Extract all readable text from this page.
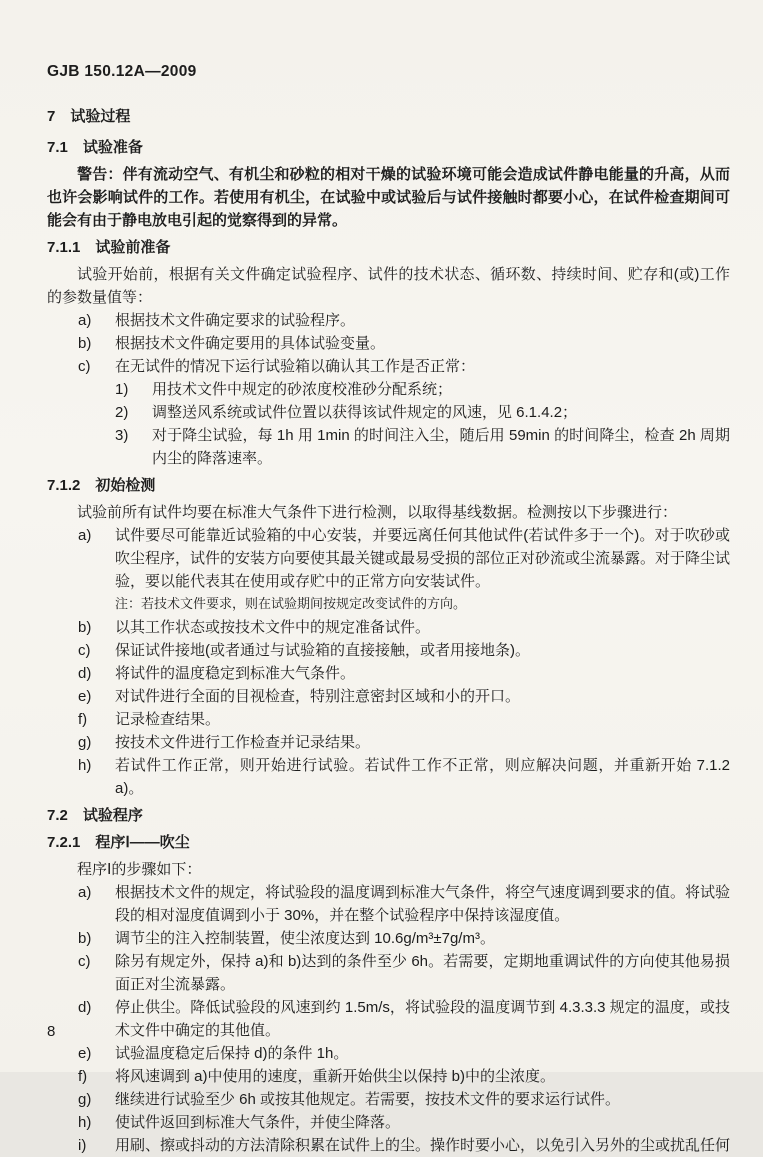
GJB 150.12A—2009
7 试验过程
7.1 试验准备

警告：伴有流动空气、有机尘和砂粒的相对干燥的试验环境可能会造成试件静电能量的升高，从而也许会影响试件的工作。若使用有机尘，在试验中或试验后与试件接触时都要小心，在试件检查期间可能会有由于静电放电引起的觉察得到的异常。

7.1.1 试验前准备

试验开始前，根据有关文件确定试验程序、试件的技术状态、循环数、持续时间、贮存和(或)工作的参数量值等：

a)	根据技术文件确定要求的试验程序。
b)	根据技术文件确定要用的具体试验变量。
c)	在无试件的情况下运行试验箱以确认其工作是否正常：
1)	用技术文件中规定的砂浓度校准砂分配系统；
2)	调整送风系统或试件位置以获得该试件规定的风速，见 6.1.4.2；
3)	对于降尘试验，每 1h 用 1min 的时间注入尘，随后用 59min 的时间降尘，检查 2h 周期内尘的降落速率。
7.1.2 初始检测

试验前所有试件均要在标准大气条件下进行检测，以取得基线数据。检测按以下步骤进行：

a)	试件要尽可能靠近试验箱的中心安装，并要远离任何其他试件(若试件多于一个)。对于吹砂或吹尘程序，试件的安装方向要使其最关键或最易受损的部位正对砂流或尘流暴露。对于降尘试验，要以能代表其在使用或存贮中的正常方向安装试件。
注：若技术文件要求，则在试验期间按规定改变试件的方向。
b)	以其工作状态或按技术文件中的规定准备试件。
c)	保证试件接地(或者通过与试验箱的直接接触，或者用接地条)。
d)	将试件的温度稳定到标准大气条件。
e)	对试件进行全面的目视检查，特别注意密封区域和小的开口。
f)	记录检查结果。
g)	按技术文件进行工作检查并记录结果。
h)	若试件工作正常，则开始进行试验。若试件工作不正常，则应解决问题，并重新开始 7.1.2 a)。
7.2 试验程序
7.2.1 程序Ⅰ——吹尘

程序Ⅰ的步骤如下：

a)	根据技术文件的规定，将试验段的温度调到标准大气条件，将空气速度调到要求的值。将试验段的相对湿度值调到小于 30%，并在整个试验程序中保持该湿度值。
b)	调节尘的注入控制装置，使尘浓度达到 10.6g/m³±7g/m³。
c)	除另有规定外，保持 a)和 b)达到的条件至少 6h。若需要，定期地重调试件的方向使其他易损面正对尘流暴露。
d)	停止供尘。降低试验段的风速到约 1.5m/s，将试验段的温度调节到 4.3.3.3 规定的温度，或技术文件中确定的其他值。
e)	试验温度稳定后保持 d)的条件 1h。
f)	将风速调到 a)中使用的速度，重新开始供尘以保持 b)中的尘浓度。
g)	继续进行试验至少 6h 或按其他规定。若需要，按技术文件的要求运行试件。
h)	使试件返回到标准大气条件，并使尘降落。
i)	用刷、擦或抖动的方法清除积累在试件上的尘。操作时要小心，以免引入另外的尘或扰乱任何
8
